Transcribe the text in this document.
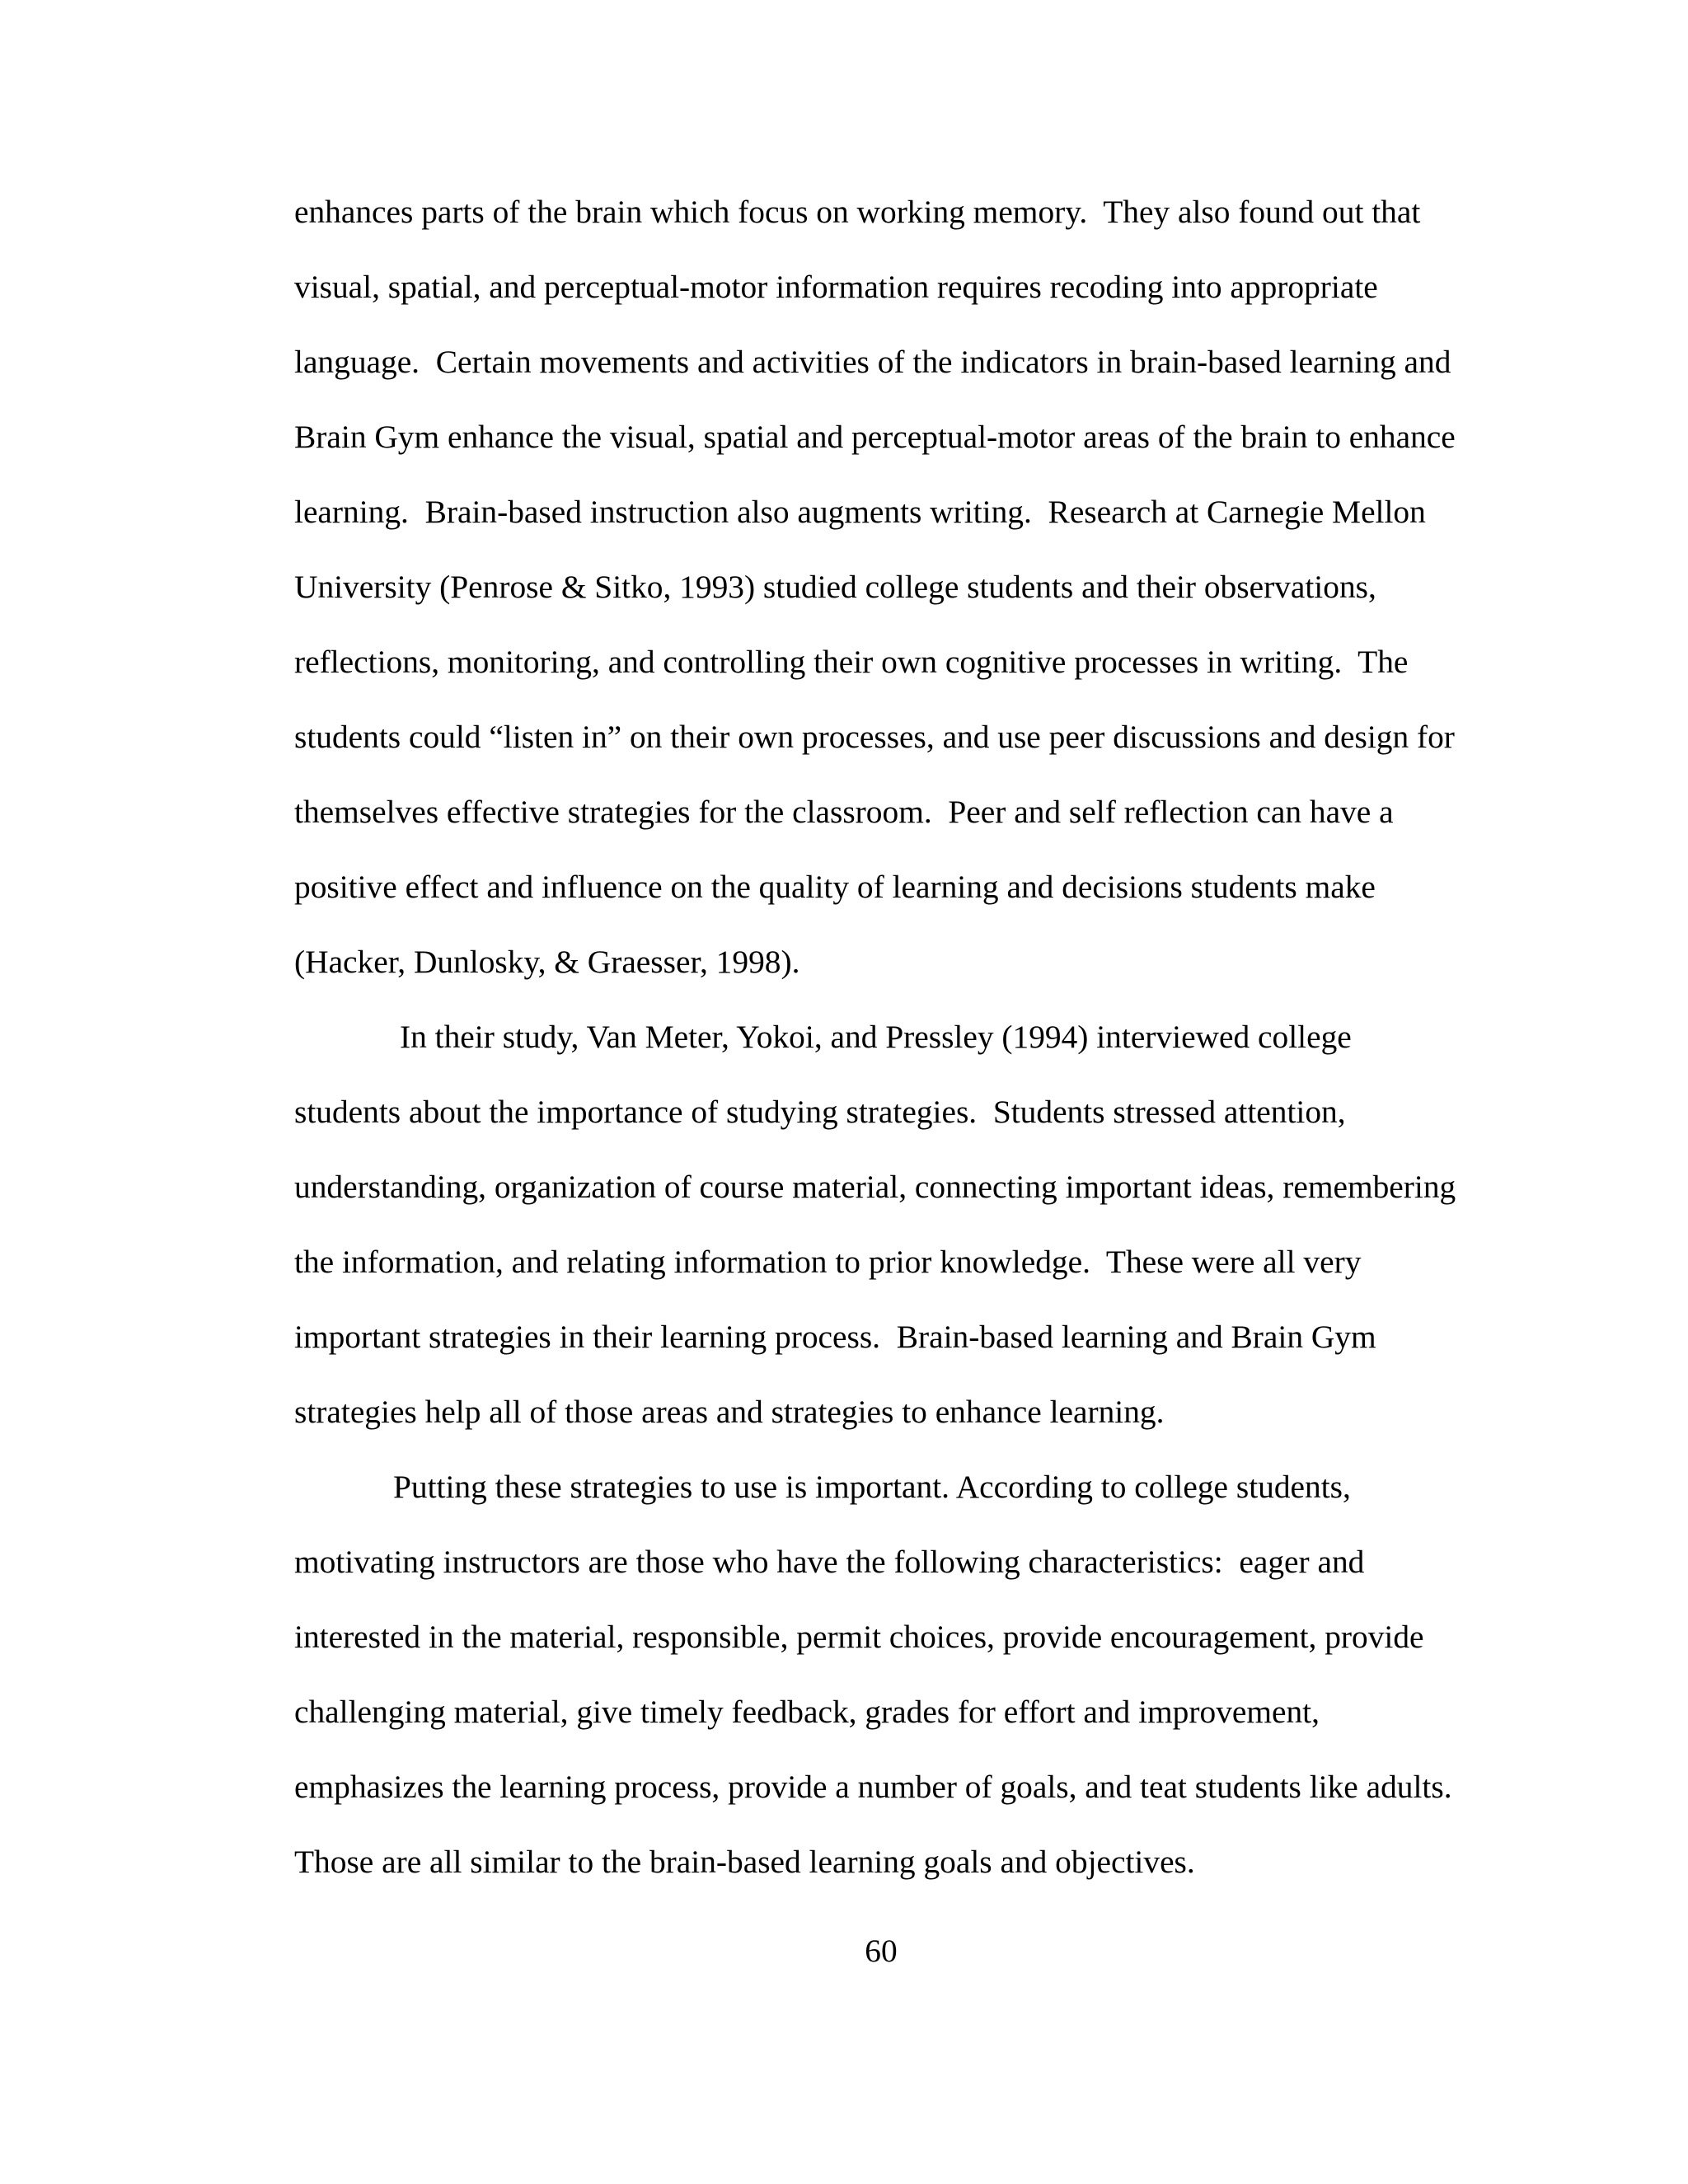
enhances parts of the brain which focus on working memory.  They also found out that
visual, spatial, and perceptual-motor information requires recoding into appropriate
language.  Certain movements and activities of the indicators in brain-based learning and
Brain Gym enhance the visual, spatial and perceptual-motor areas of the brain to enhance
learning.  Brain-based instruction also augments writing.  Research at Carnegie Mellon
University (Penrose & Sitko, 1993) studied college students and their observations,
reflections, monitoring, and controlling their own cognitive processes in writing.  The
students could “listen in” on their own processes, and use peer discussions and design for
themselves effective strategies for the classroom.  Peer and self reflection can have a
positive effect and influence on the quality of learning and decisions students make
(Hacker, Dunlosky, & Graesser, 1998).
In their study, Van Meter, Yokoi, and Pressley (1994) interviewed college
students about the importance of studying strategies.  Students stressed attention,
understanding, organization of course material, connecting important ideas, remembering
the information, and relating information to prior knowledge.  These were all very
important strategies in their learning process.  Brain-based learning and Brain Gym
strategies help all of those areas and strategies to enhance learning.
Putting these strategies to use is important. According to college students,
motivating instructors are those who have the following characteristics:  eager and
interested in the material, responsible, permit choices, provide encouragement, provide
challenging material, give timely feedback, grades for effort and improvement,
emphasizes the learning process, provide a number of goals, and teat students like adults.
Those are all similar to the brain-based learning goals and objectives.
60
